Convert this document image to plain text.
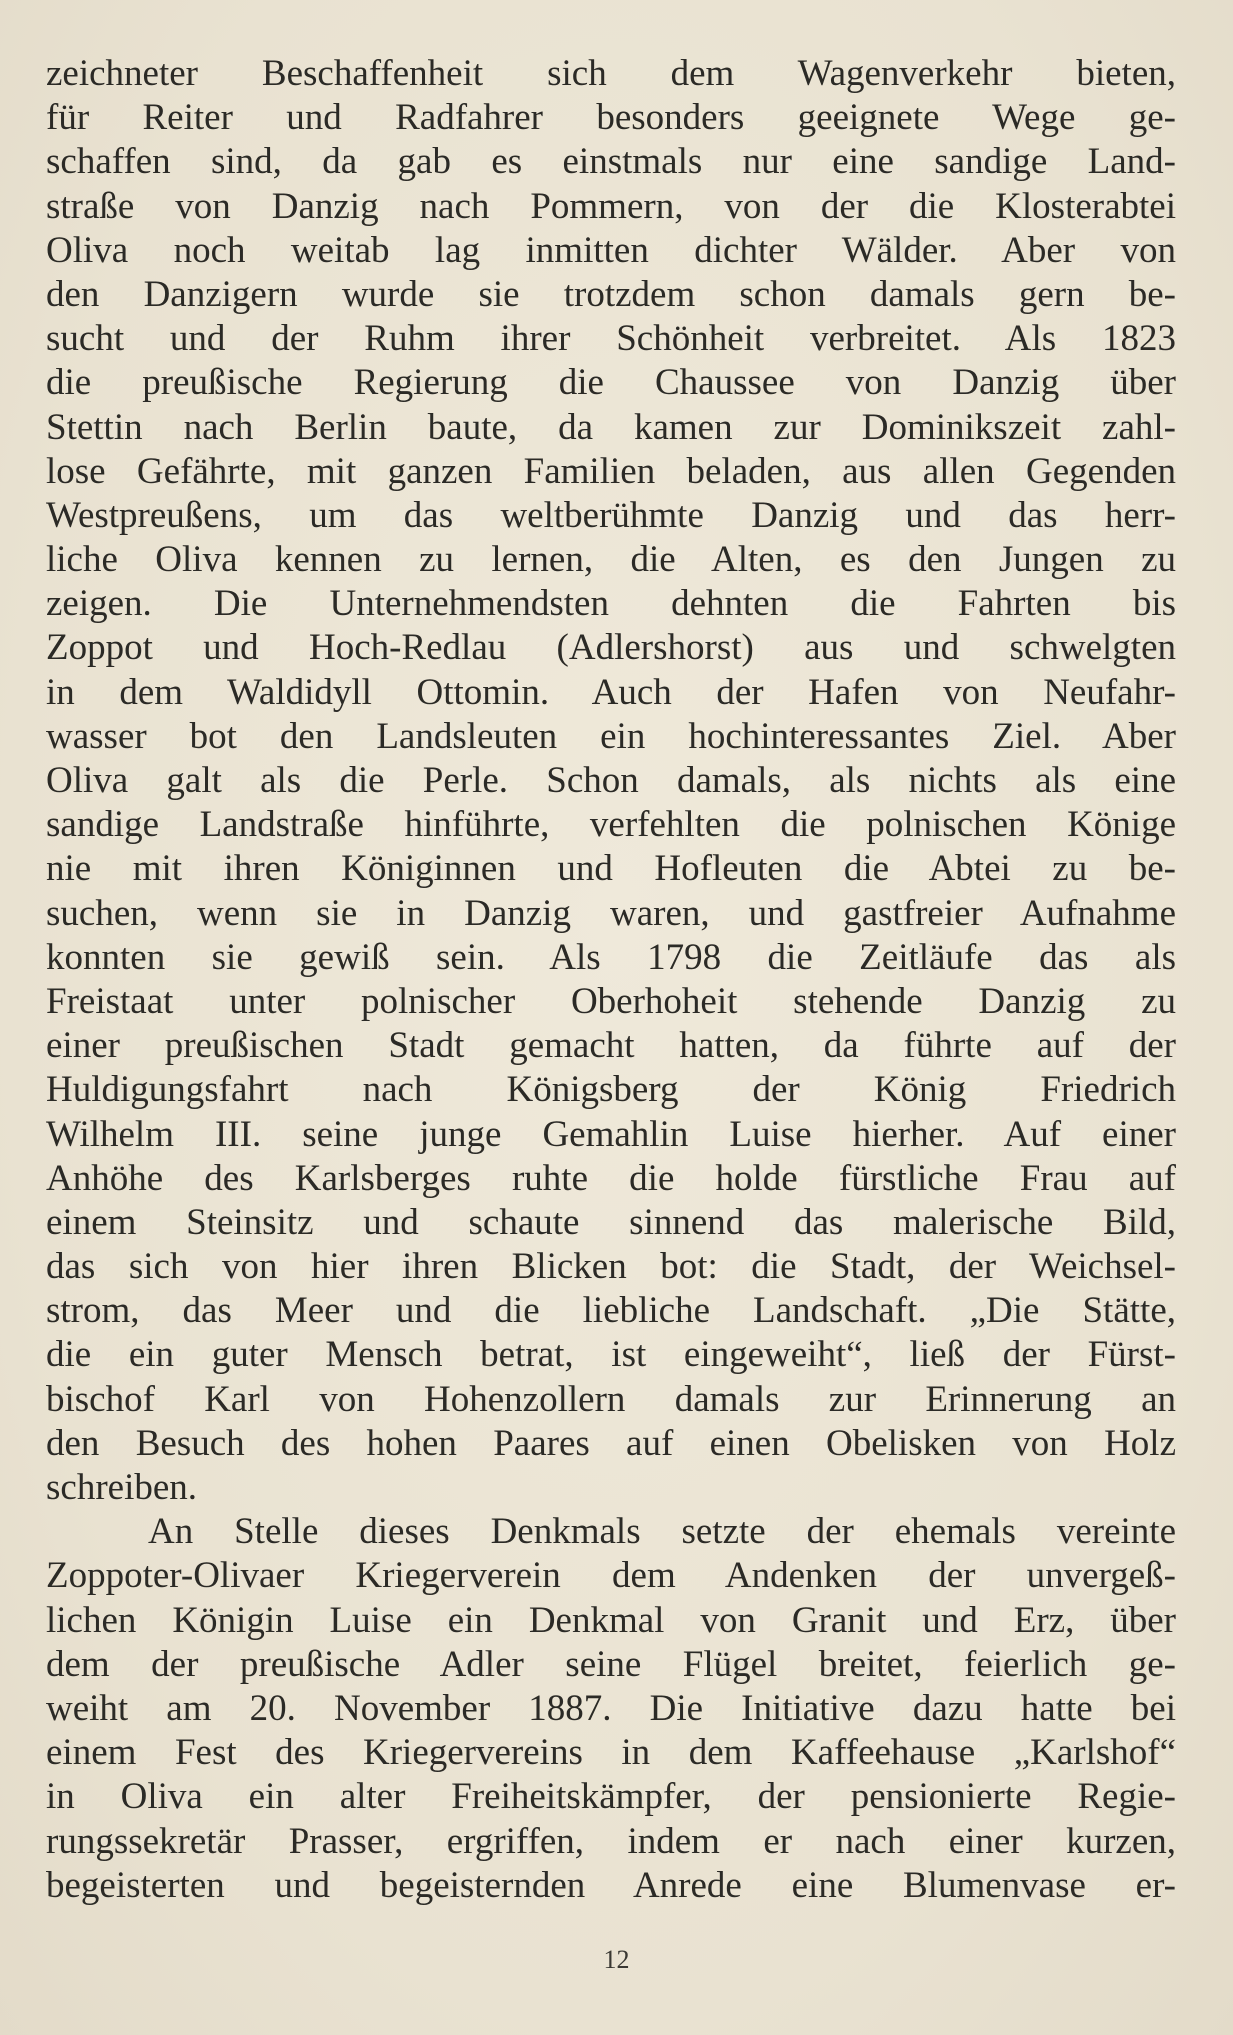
zeichneter Beschaffenheit sich dem Wagenverkehr bieten,
für Reiter und Radfahrer besonders geeignete Wege ge-
schaffen sind, da gab es einstmals nur eine sandige Land-
straße von Danzig nach Pommern, von der die Klosterabtei
Oliva noch weitab lag inmitten dichter Wälder. Aber von
den Danzigern wurde sie trotzdem schon damals gern be-
sucht und der Ruhm ihrer Schönheit verbreitet. Als 1823
die preußische Regierung die Chaussee von Danzig über
Stettin nach Berlin baute, da kamen zur Dominikszeit zahl-
lose Gefährte, mit ganzen Familien beladen, aus allen Gegenden
Westpreußens, um das weltberühmte Danzig und das herr-
liche Oliva kennen zu lernen, die Alten, es den Jungen zu
zeigen. Die Unternehmendsten dehnten die Fahrten bis
Zoppot und Hoch-Redlau (Adlershorst) aus und schwelgten
in dem Waldidyll Ottomin. Auch der Hafen von Neufahr-
wasser bot den Landsleuten ein hochinteressantes Ziel. Aber
Oliva galt als die Perle. Schon damals, als nichts als eine
sandige Landstraße hinführte, verfehlten die polnischen Könige
nie mit ihren Königinnen und Hofleuten die Abtei zu be-
suchen, wenn sie in Danzig waren, und gastfreier Aufnahme
konnten sie gewiß sein. Als 1798 die Zeitläufe das als
Freistaat unter polnischer Oberhoheit stehende Danzig zu
einer preußischen Stadt gemacht hatten, da führte auf der
Huldigungsfahrt nach Königsberg der König Friedrich
Wilhelm III. seine junge Gemahlin Luise hierher. Auf einer
Anhöhe des Karlsberges ruhte die holde fürstliche Frau auf
einem Steinsitz und schaute sinnend das malerische Bild,
das sich von hier ihren Blicken bot: die Stadt, der Weichsel-
strom, das Meer und die liebliche Landschaft. „Die Stätte,
die ein guter Mensch betrat, ist eingeweiht“, ließ der Fürst-
bischof Karl von Hohenzollern damals zur Erinnerung an
den Besuch des hohen Paares auf einen Obelisken von Holz
schreiben.
An Stelle dieses Denkmals setzte der ehemals vereinte
Zoppoter-Olivaer Kriegerverein dem Andenken der unvergeß-
lichen Königin Luise ein Denkmal von Granit und Erz, über
dem der preußische Adler seine Flügel breitet, feierlich ge-
weiht am 20. November 1887. Die Initiative dazu hatte bei
einem Fest des Kriegervereins in dem Kaffeehause „Karlshof“
in Oliva ein alter Freiheitskämpfer, der pensionierte Regie-
rungssekretär Prasser, ergriffen, indem er nach einer kurzen,
begeisterten und begeisternden Anrede eine Blumenvase er-
12
